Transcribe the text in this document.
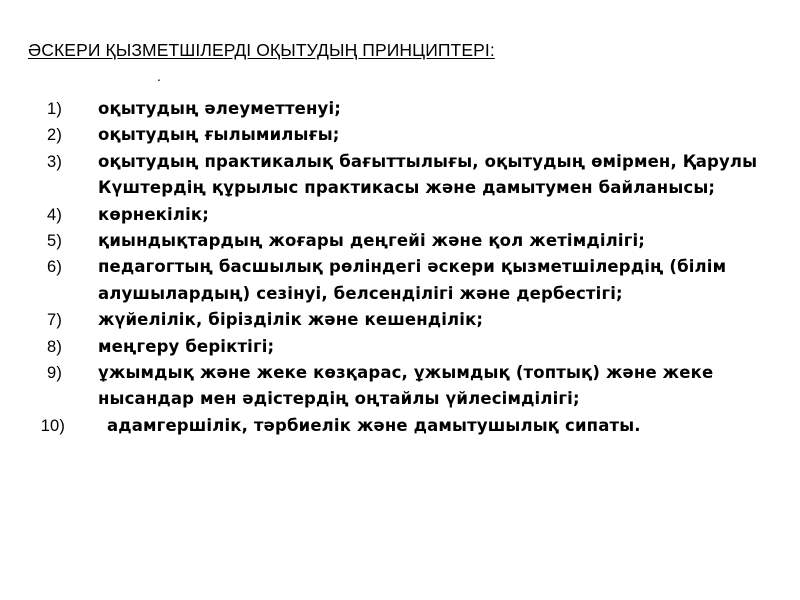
ӘСКЕРИ ҚЫЗМЕТШІЛЕРДІ ОҚЫТУДЫҢ ПРИНЦИПТЕРІ:
.
1) оқытудың әлеуметтенуі;
2) оқытудың ғылымилығы;
3) оқытудың практикалық бағыттылығы, оқытудың өмірмен, Қарулы Күштердің құрылыс практикасы және дамытумен байланысы;
4) көрнекілік;
5) қиындықтардың жоғары деңгейі және қол жетімділігі;
6) педагогтың басшылық рөліндегі әскери қызметшілердің (білім алушылардың) сезінуі, белсенділігі және дербестігі;
7) жүйелілік, бірізділік және кешенділік;
8) меңгеру беріктігі;
9) ұжымдық және жеке көзқарас, ұжымдық (топтық) және жеке нысандар мен әдістердің оңтайлы үйлесімділігі;
10)	адамгершілік, тәрбиелік және дамытушылық сипаты.
